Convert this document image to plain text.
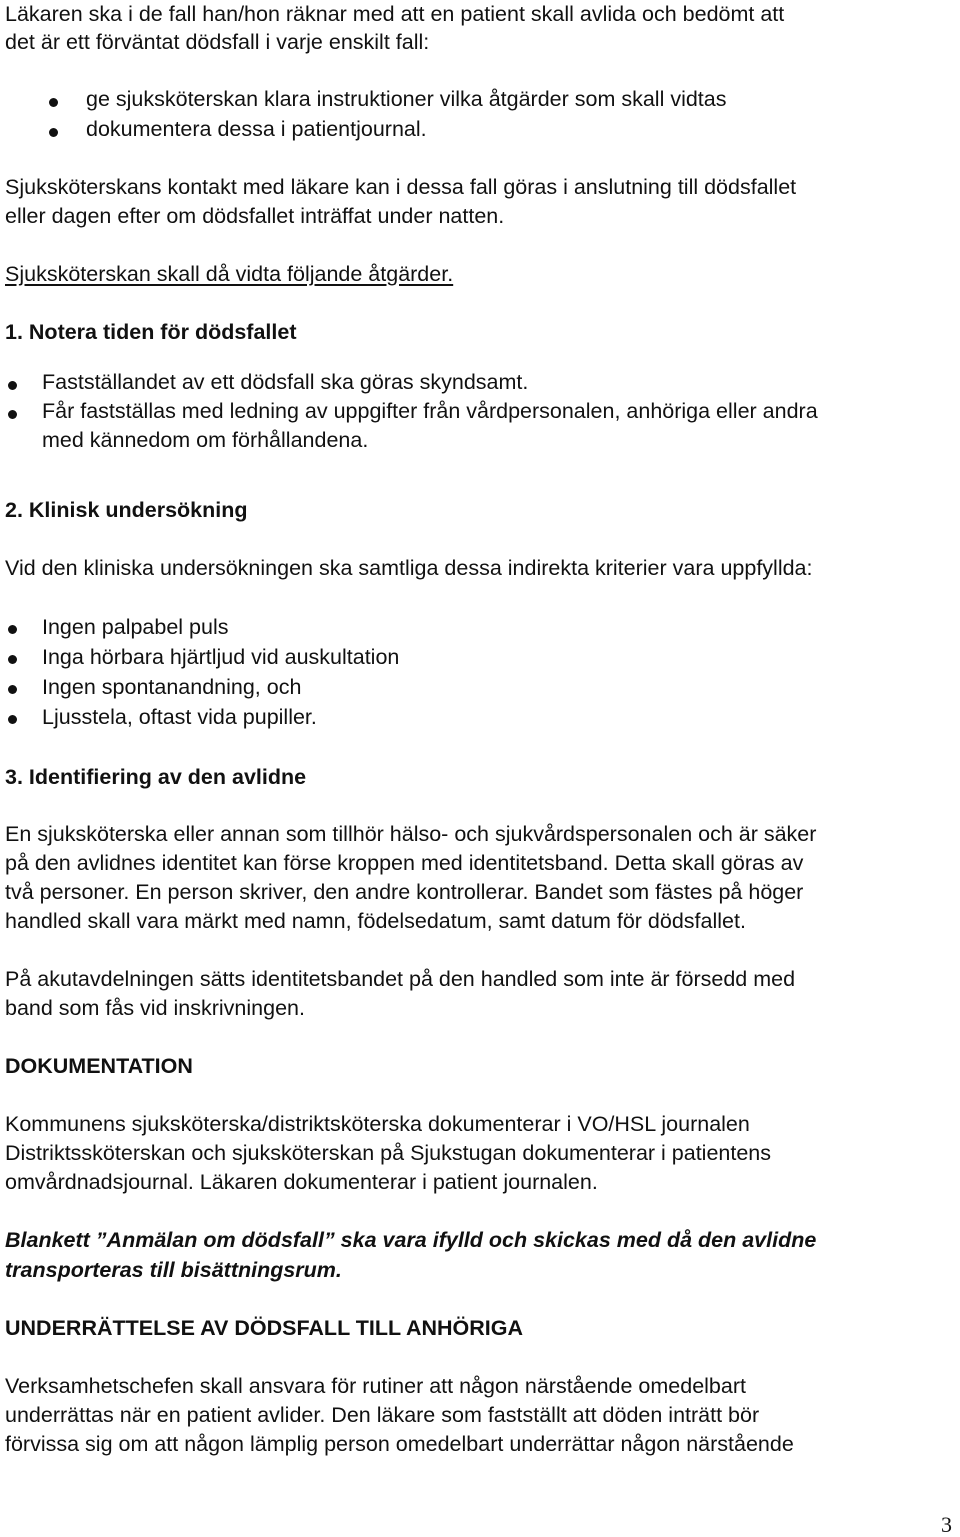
Läkaren ska i de fall han/hon räknar med att en patient skall avlida och bedömt att
det är ett förväntat dödsfall i varje enskilt fall:
ge sjuksköterskan klara instruktioner vilka åtgärder som skall vidtas
dokumentera dessa i patientjournal.
Sjuksköterskans kontakt med läkare kan i dessa fall göras i anslutning till dödsfallet
eller dagen efter om dödsfallet inträffat under natten.
Sjuksköterskan skall då vidta följande åtgärder.
1. Notera tiden för dödsfallet
Fastställandet av ett dödsfall ska göras skyndsamt.
Får fastställas med ledning av uppgifter från vårdpersonalen, anhöriga eller andra
med kännedom om förhållandena.
2. Klinisk undersökning
Vid den kliniska undersökningen ska samtliga dessa indirekta kriterier vara uppfyllda:
Ingen palpabel puls
Inga hörbara hjärtljud vid auskultation
Ingen spontanandning, och
Ljusstela, oftast vida pupiller.
3. Identifiering av den avlidne
En sjuksköterska eller annan som tillhör hälso- och sjukvårdspersonalen och är säker
på den avlidnes identitet kan förse kroppen med identitetsband. Detta skall göras av
två personer. En person skriver, den andre kontrollerar. Bandet som fästes på höger
handled skall vara märkt med namn, födelsedatum, samt datum för dödsfallet.
På akutavdelningen sätts identitetsbandet på den handled som inte är försedd med
band som fås vid inskrivningen.
DOKUMENTATION
Kommunens sjuksköterska/distriktsköterska dokumenterar i VO/HSL journalen
Distriktssköterskan och sjuksköterskan på Sjukstugan dokumenterar i patientens
omvårdnadsjournal. Läkaren dokumenterar i patient journalen.
Blankett ”Anmälan om dödsfall” ska vara ifylld och skickas med då den avlidne
transporteras till bisättningsrum.
UNDERRÄTTELSE AV DÖDSFALL TILL ANHÖRIGA
Verksamhetschefen skall ansvara för rutiner att någon närstående omedelbart
underrättas när en patient avlider. Den läkare som fastställt att döden inträtt bör
förvissa sig om att någon lämplig person omedelbart underrättar någon närstående
3
